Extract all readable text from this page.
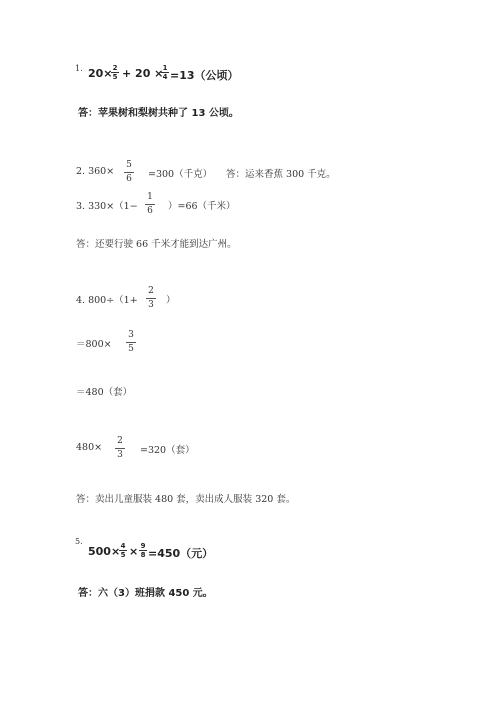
1. 20× 2
5 + 20 × 1
4 =13（公顷）
答：苹果树和梨树共种了 13 公顷。
2. 360×
5
6 =300（千克） 答：运来香蕉 300 千克。
3. 330×（1−
1
6 ）=66（千米）
答：还要行驶 66 千米才能到达广州。
4. 800÷（1+
2
3 ）
＝800×
3
5
＝480（套）
480×
2
3 =320（套）
答：卖出儿童服装 480 套，卖出成人服装 320 套。
5.
500× 4
5 × 9
8 =450（元）
答：六（3）班捐款 450 元。
